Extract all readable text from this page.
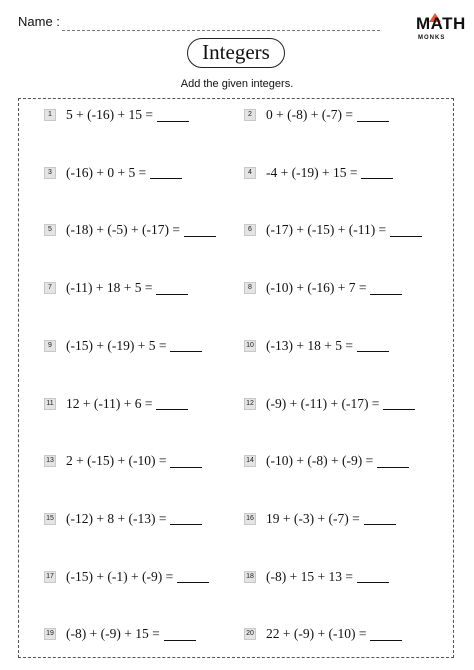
Name :	MATH
MONKS
Integers
Add the given integers.
1 5 + (-16) + 15 =	2 0 + (-8) + (-7) =
3 (-16) + 0 + 5 =	4 -4 + (-19) + 15 =
5 (-18) + (-5) + (-17) =	6 (-17) + (-15) + (-11) =
7 (-11) + 18 + 5 =	8 (-10) + (-16) + 7 =
9 (-15) + (-19) + 5 =	10 (-13) + 18 + 5 =
11 12 + (-11) + 6 =	12 (-9) + (-11) + (-17) =
13 2 + (-15) + (-10) =	14 (-10) + (-8) + (-9) =
15 (-12) + 8 + (-13) =	16 19 + (-3) + (-7) =
17 (-15) + (-1) + (-9) =	18 (-8) + 15 + 13 =
19 (-8) + (-9) + 15 =	20 22 + (-9) + (-10) =
